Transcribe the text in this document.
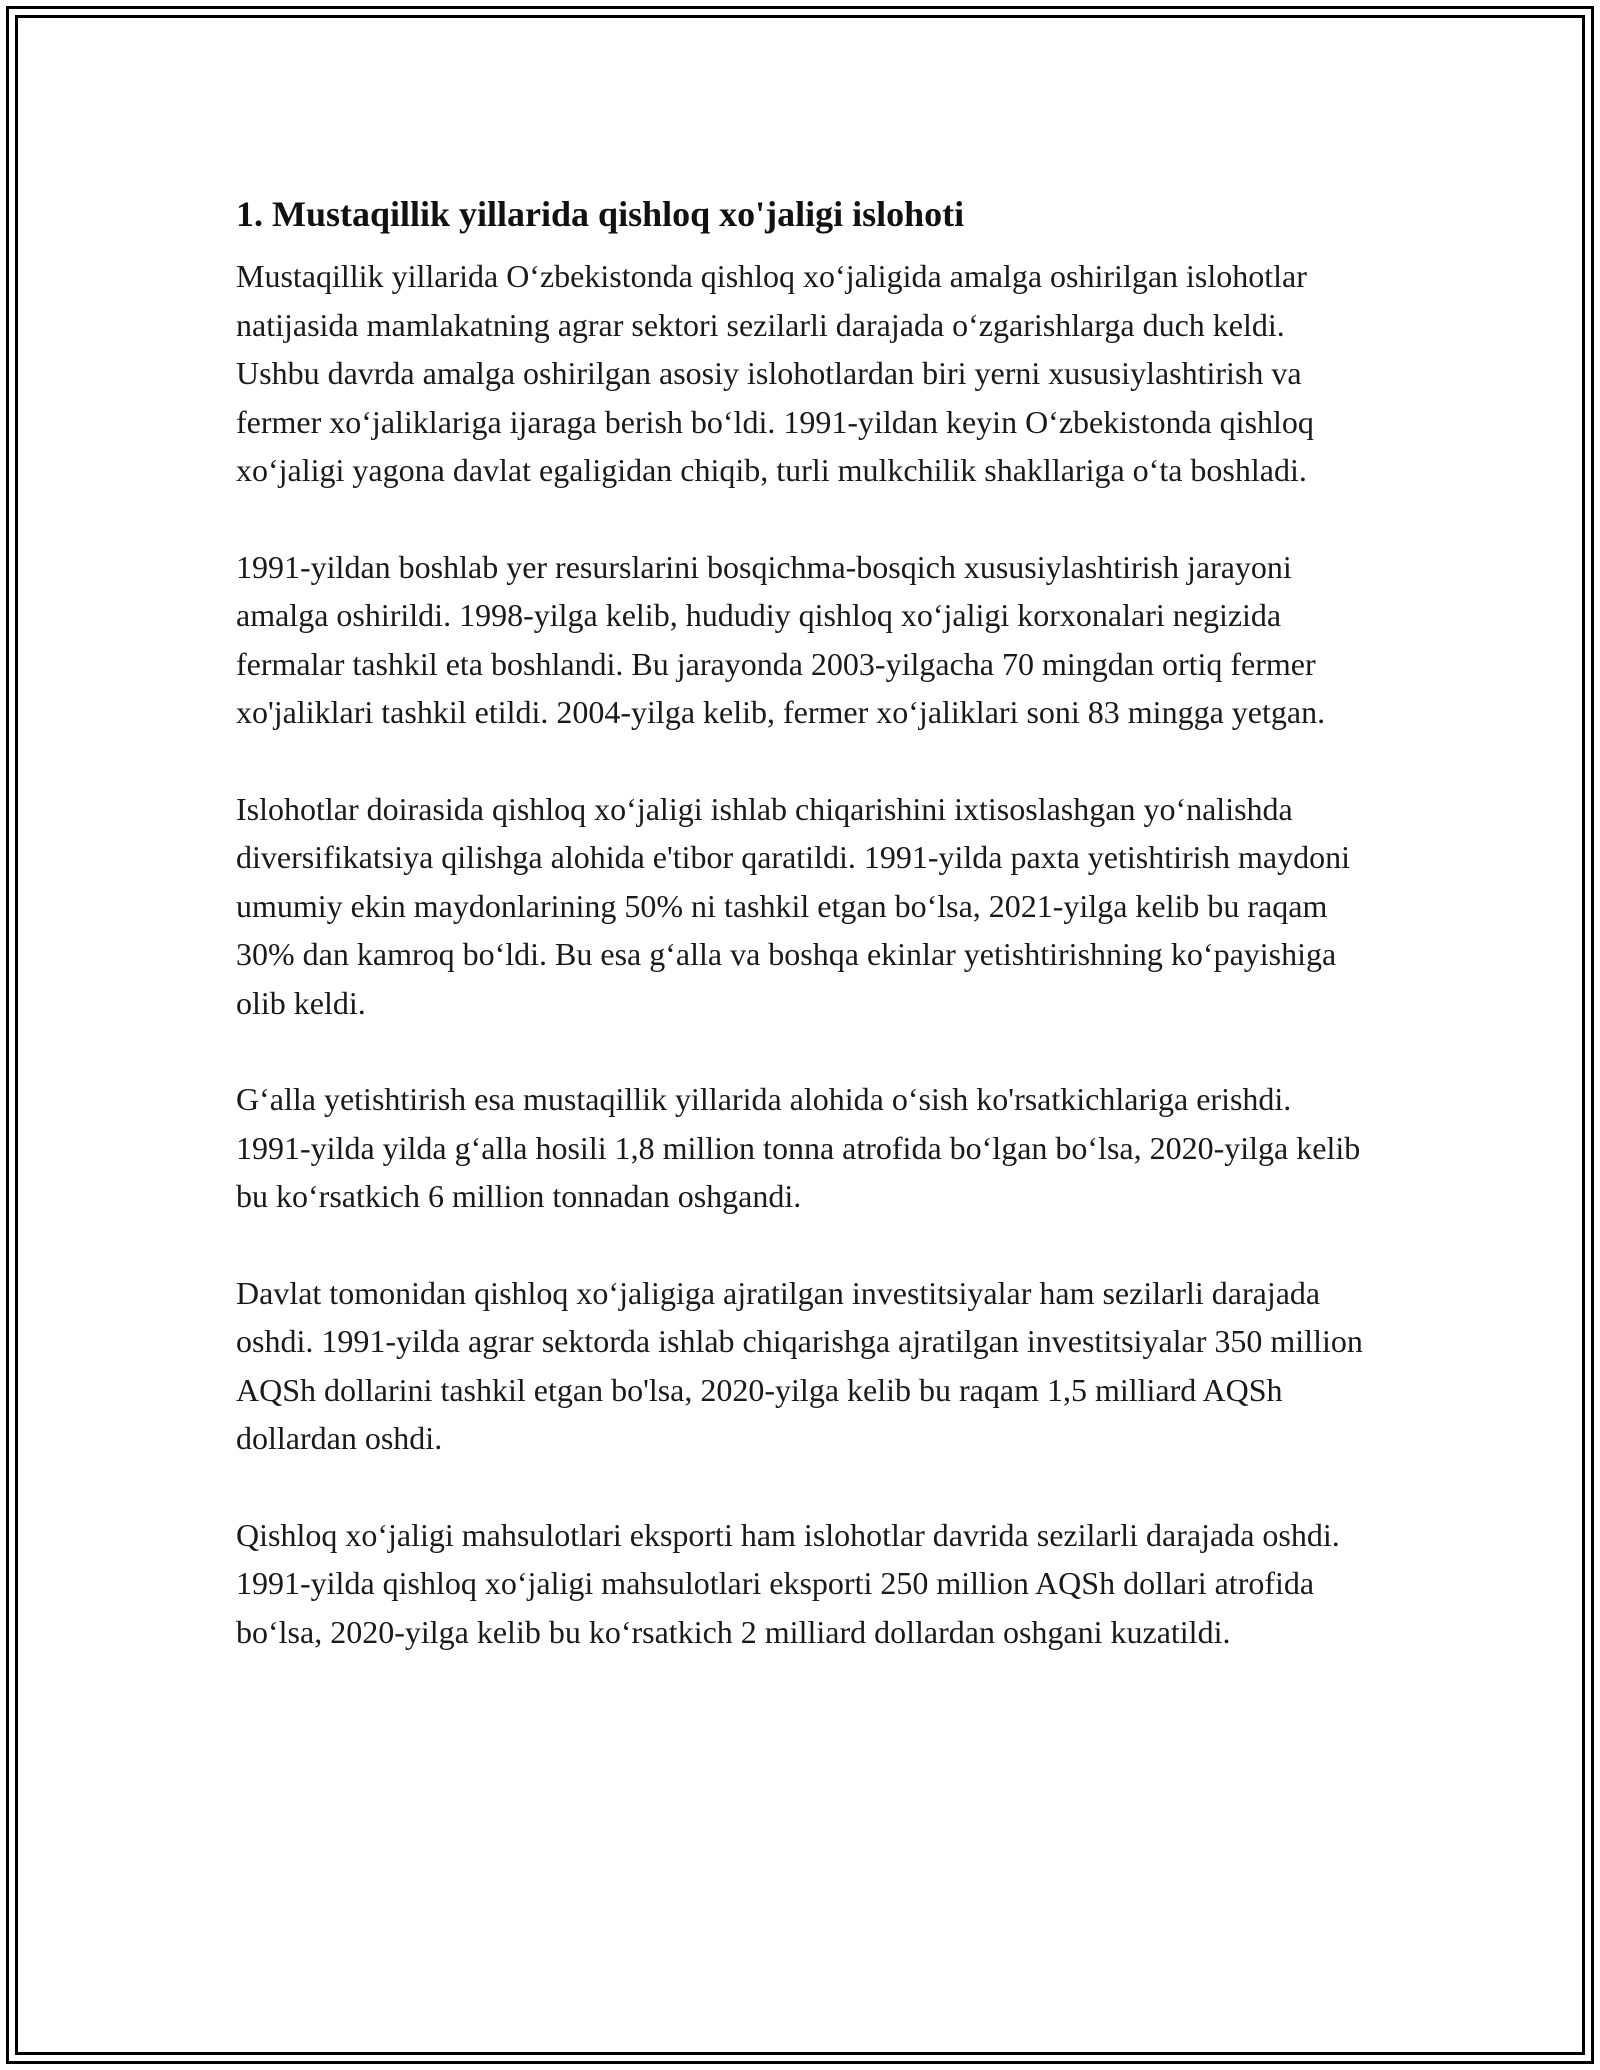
1. Mustaqillik yillarida qishloq xo'jaligi islohoti

Mustaqillik yillarida O‘zbekistonda qishloq xo‘jaligida amalga oshirilgan islohotlar natijasida mamlakatning agrar sektori sezilarli darajada o‘zgarishlarga duch keldi. Ushbu davrda amalga oshirilgan asosiy islohotlardan biri yerni xususiylashtirish va fermer xo‘jaliklariga ijaraga berish bo‘ldi. 1991-yildan keyin O‘zbekistonda qishloq xo‘jaligi yagona davlat egaligidan chiqib, turli mulkchilik shakllariga o‘ta boshladi.

1991-yildan boshlab yer resurslarini bosqichma-bosqich xususiylashtirish jarayoni amalga oshirildi. 1998-yilga kelib, hududiy qishloq xo‘jaligi korxonalari negizida fermalar tashkil eta boshlandi. Bu jarayonda 2003-yilgacha 70 mingdan ortiq fermer xo'jaliklari tashkil etildi. 2004-yilga kelib, fermer xo‘jaliklari soni 83 mingga yetgan.

Islohotlar doirasida qishloq xo‘jaligi ishlab chiqarishini ixtisoslashgan yo‘nalishda diversifikatsiya qilishga alohida e'tibor qaratildi. 1991-yilda paxta yetishtirish maydoni umumiy ekin maydonlarining 50% ni tashkil etgan bo‘lsa, 2021-yilga kelib bu raqam 30% dan kamroq bo‘ldi. Bu esa g‘alla va boshqa ekinlar yetishtirishning ko‘payishiga olib keldi.

G‘alla yetishtirish esa mustaqillik yillarida alohida o‘sish ko'rsatkichlariga erishdi. 1991-yilda yilda g‘alla hosili 1,8 million tonna atrofida bo‘lgan bo‘lsa, 2020-yilga kelib bu ko‘rsatkich 6 million tonnadan oshgandi.

Davlat tomonidan qishloq xo‘jaligiga ajratilgan investitsiyalar ham sezilarli darajada oshdi. 1991-yilda agrar sektorda ishlab chiqarishga ajratilgan investitsiyalar 350 million AQSh dollarini tashkil etgan bo'lsa, 2020-yilga kelib bu raqam 1,5 milliard AQSh dollardan oshdi.

Qishloq xo‘jaligi mahsulotlari eksporti ham islohotlar davrida sezilarli darajada oshdi. 1991-yilda qishloq xo‘jaligi mahsulotlari eksporti 250 million AQSh dollari atrofida bo‘lsa, 2020-yilga kelib bu ko‘rsatkich 2 milliard dollardan oshgani kuzatildi.
